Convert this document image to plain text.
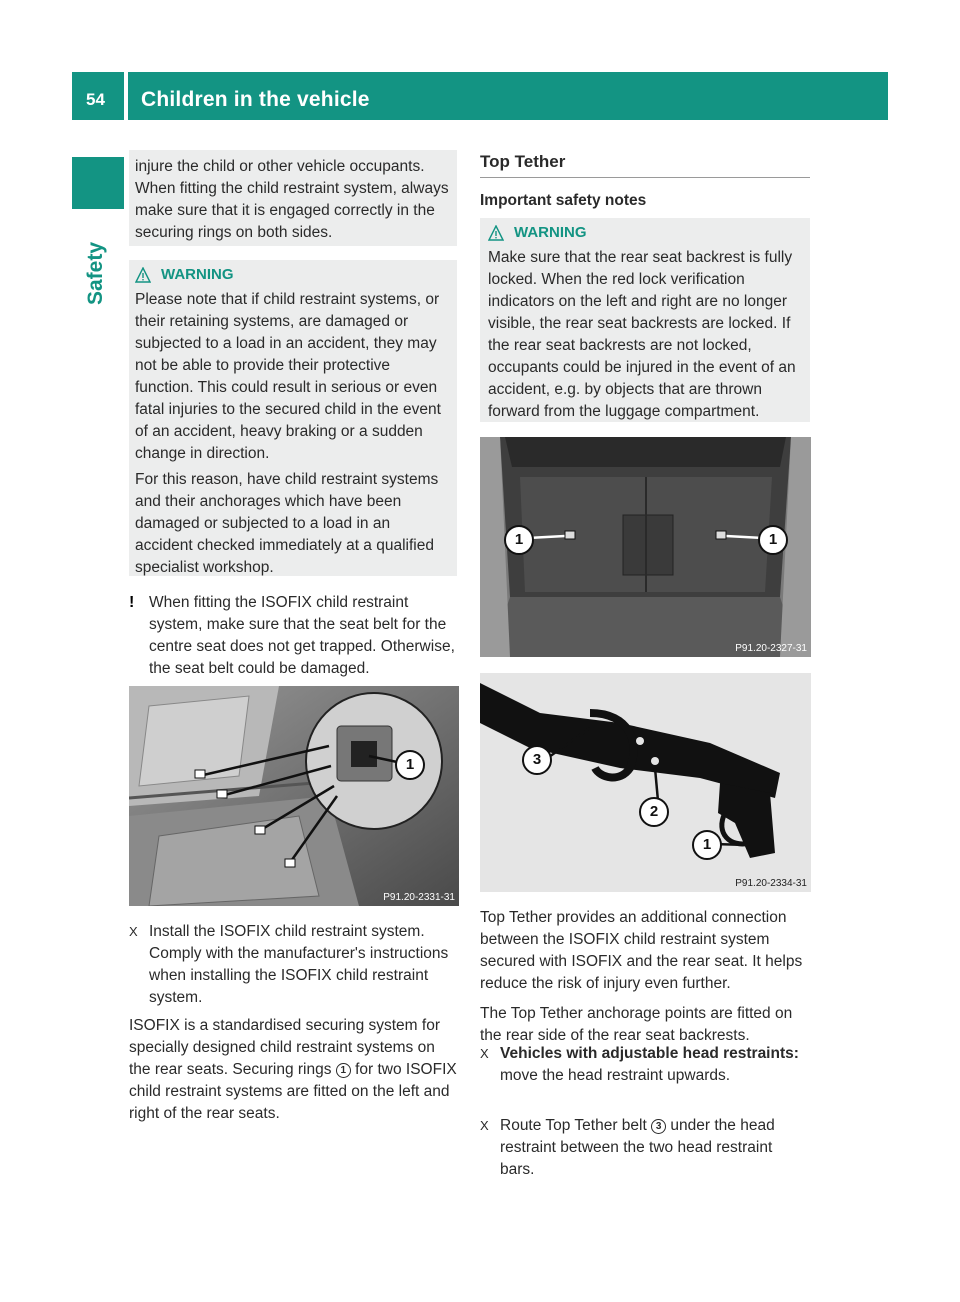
54 Children in the vehicle
Safety

injure the child or other vehicle occupants. When fitting the child restraint system, always make sure that it is engaged correctly in the securing rings on both sides.

WARNING

Please note that if child restraint systems, or their retaining systems, are damaged or subjected to a load in an accident, they may not be able to provide their protective function. This could result in serious or even fatal injuries to the secured child in the event of an accident, heavy braking or a sudden change in direction.

For this reason, have child restraint systems and their anchorages which have been damaged or subjected to a load in an accident checked immediately at a qualified specialist workshop.

! When fitting the ISOFIX child restraint system, make sure that the seat belt for the centre seat does not get trapped. Otherwise, the seat belt could be damaged.
1
P91.20-2331-31
X Install the ISOFIX child restraint system. Comply with the manufacturer's instructions when installing the ISOFIX child restraint system.

ISOFIX is a standardised securing system for specially designed child restraint systems on the rear seats. Securing rings 1 for two ISOFIX child restraint systems are fitted on the left and right of the rear seats.

Top Tether
Important safety notes
WARNING

Make sure that the rear seat backrest is fully locked. When the red lock verification indicators on the left and right are no longer visible, the rear seat backrests are locked. If the rear seat backrests are not locked, occupants could be injured in the event of an accident, e.g. by objects that are thrown forward from the luggage compartment.

1	1
P91.20-2327-31
3
2
1
P91.20-2334-31

Top Tether provides an additional connection between the ISOFIX child restraint system secured with ISOFIX and the rear seat. It helps reduce the risk of injury even further.

The Top Tether anchorage points are fitted on the rear side of the rear seat backrests.

X Vehicles with adjustable head restraints: move the head restraint upwards.
X Route Top Tether belt 3 under the head restraint between the two head restraint bars.
